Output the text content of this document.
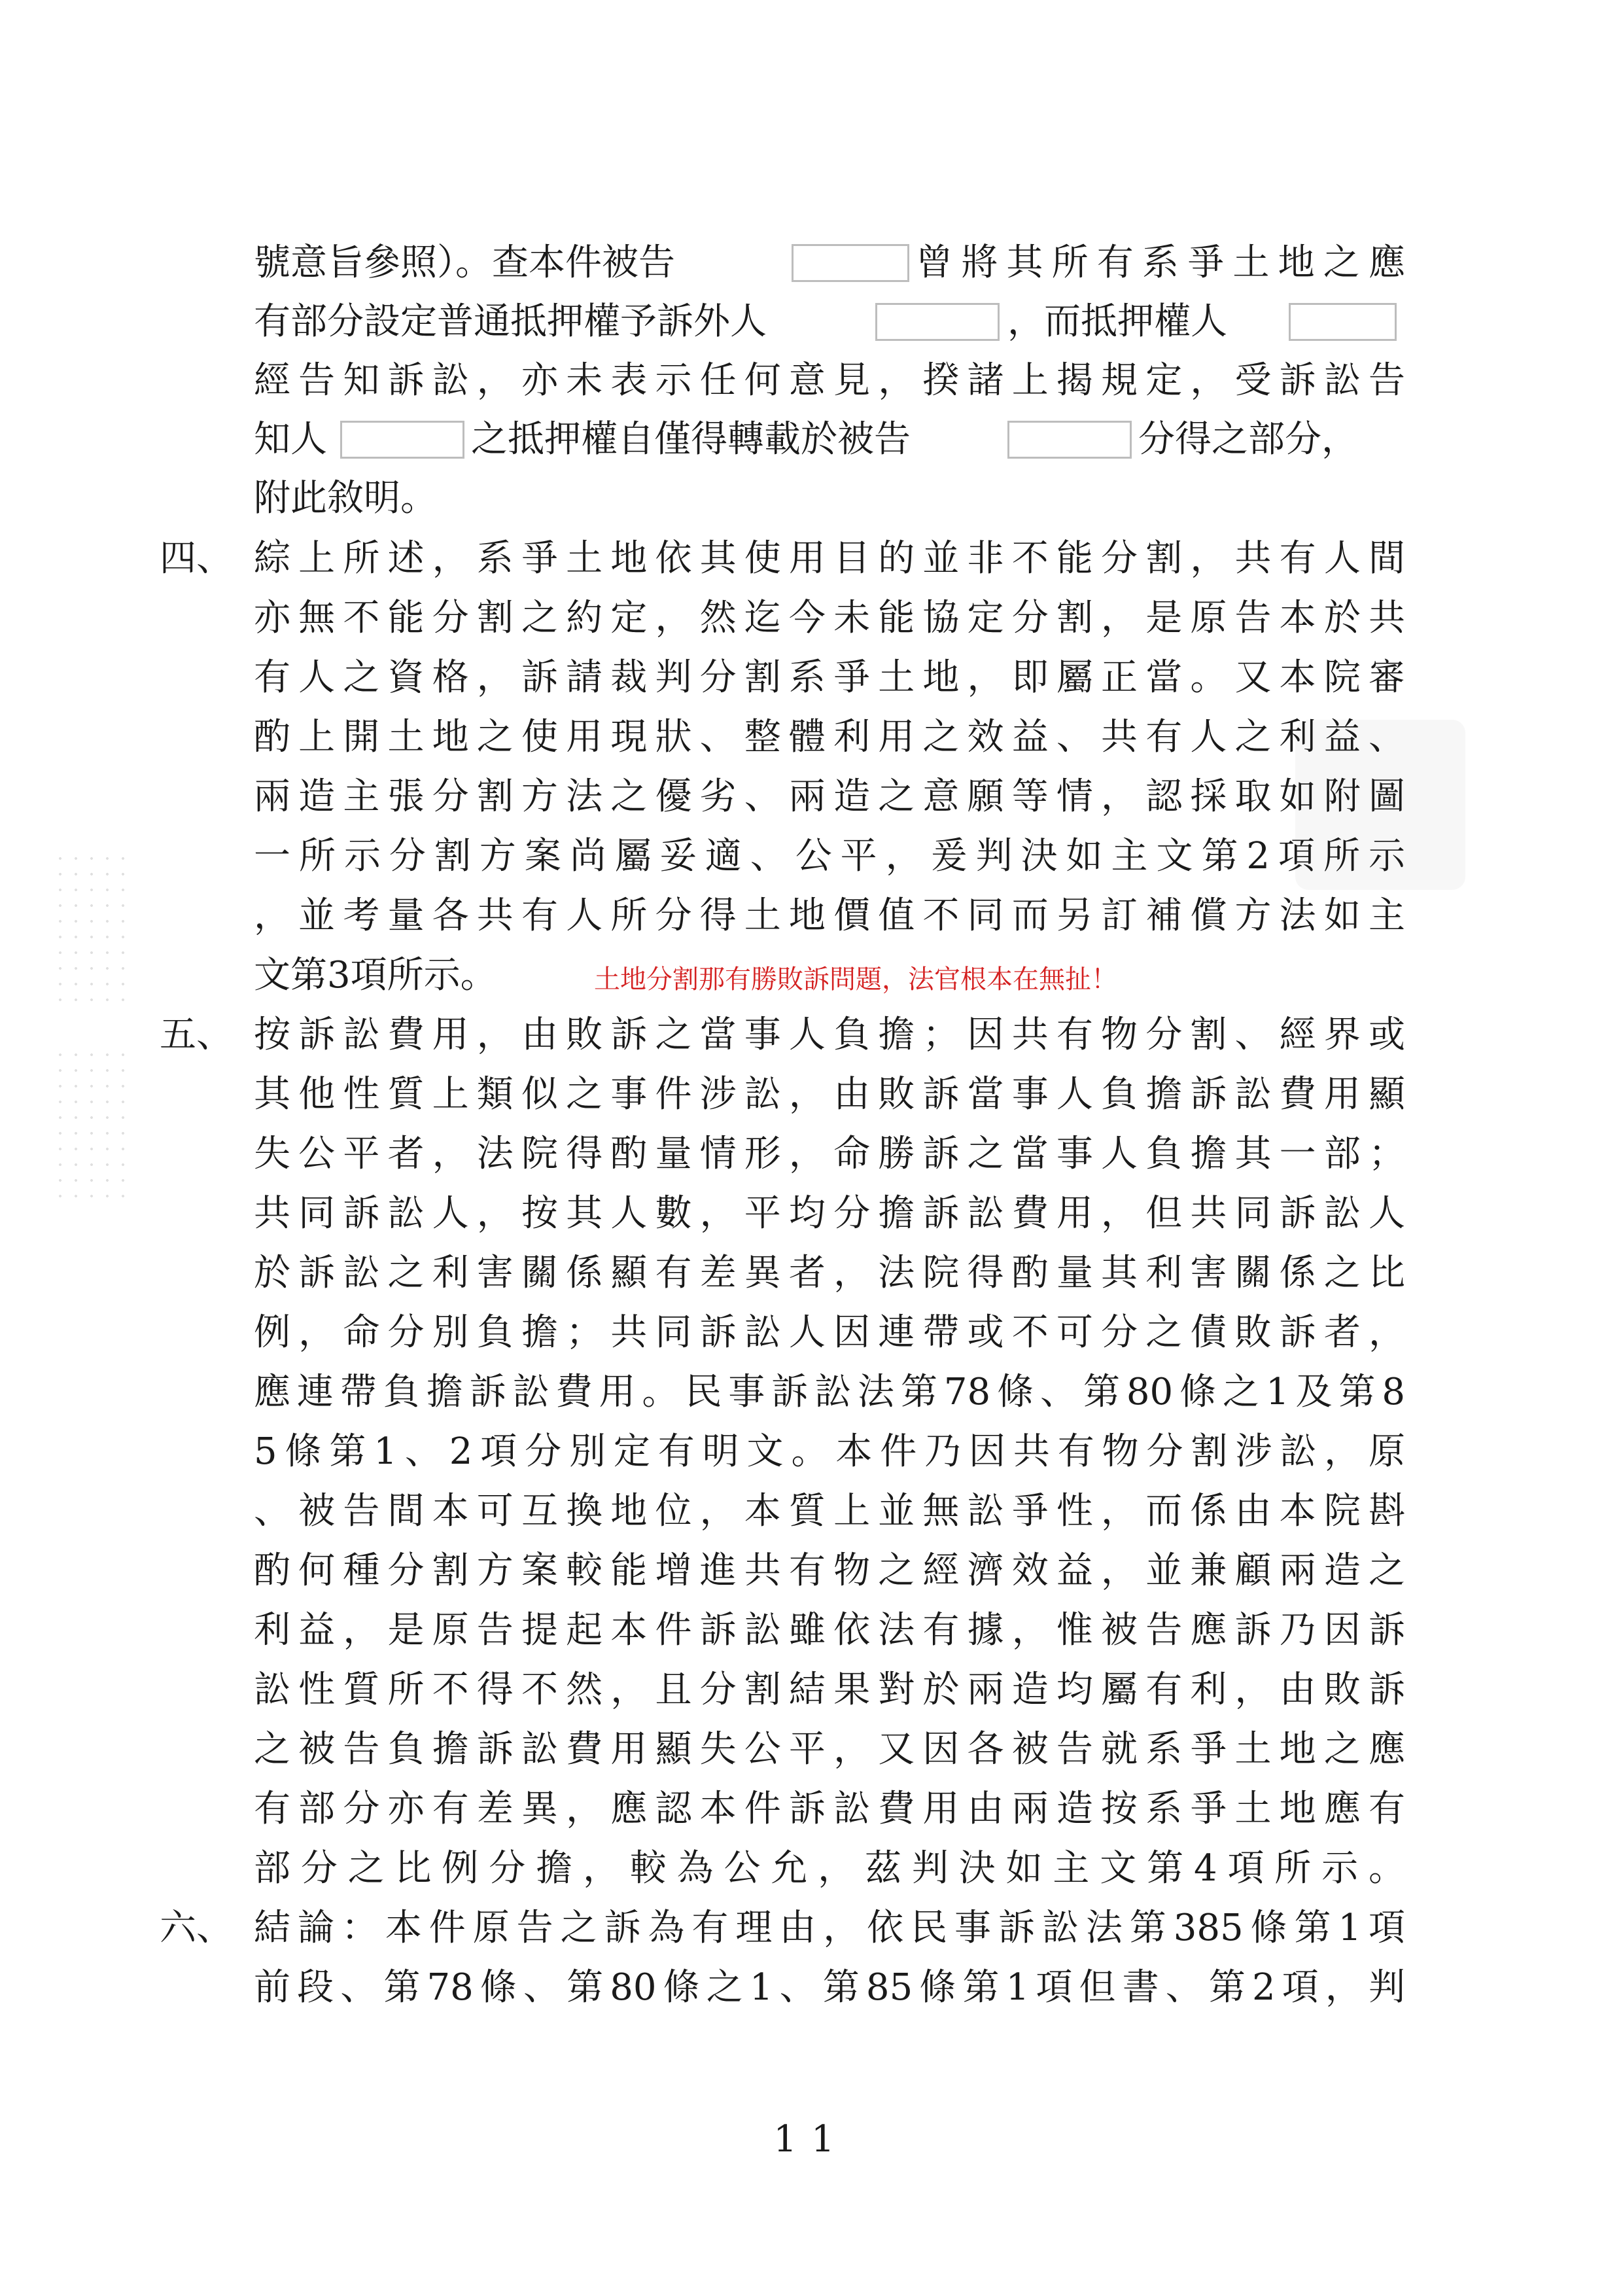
號意旨參照）。查本件被告	曾將其所有系爭土地之應
有部分設定普通抵押權予訴外人	，而抵押權人
經告知訴訟，亦未表示任何意見，揆諸上揭規定，受訴訟告
知人	之抵押權自僅得轉載於被告	分得之部分，
附此敘明。
四、 綜上所述，系爭土地依其使用目的並非不能分割，共有人間
亦無不能分割之約定，然迄今未能協定分割，是原告本於共
有人之資格，訴請裁判分割系爭土地，即屬正當。又本院審
酌上開土地之使用現狀、整體利用之效益、共有人之利益、
兩造主張分割方法之優劣、兩造之意願等情，認採取如附圖
一所示分割方案尚屬妥適、公平，爰判決如主文第2項所示
，並考量各共有人所分得土地價值不同而另訂補償方法如主
文第3項所示。	土地分割那有勝敗訴問題，法官根本在無扯！
五、 按訴訟費用，由敗訴之當事人負擔；因共有物分割、經界或
其他性質上類似之事件涉訟，由敗訴當事人負擔訴訟費用顯
失公平者，法院得酌量情形，命勝訴之當事人負擔其一部；
共同訴訟人，按其人數，平均分擔訴訟費用，但共同訴訟人
於訴訟之利害關係顯有差異者，法院得酌量其利害關係之比
例，命分別負擔；共同訴訟人因連帶或不可分之債敗訴者，
應連帶負擔訴訟費用。民事訴訟法第78條、第80條之1及第8
5條第1、2項分別定有明文。本件乃因共有物分割涉訟，原
、被告間本可互換地位，本質上並無訟爭性，而係由本院斟
酌何種分割方案較能增進共有物之經濟效益，並兼顧兩造之
利益，是原告提起本件訴訟雖依法有據，惟被告應訴乃因訴
訟性質所不得不然，且分割結果對於兩造均屬有利，由敗訴
之被告負擔訴訟費用顯失公平，又因各被告就系爭土地之應
有部分亦有差異，應認本件訴訟費用由兩造按系爭土地應有
部分之比例分擔，較為公允，茲判決如主文第4項所示。
六、 結論：本件原告之訴為有理由，依民事訴訟法第385條第1項
前段、第78條、第80條之1、第85條第1項但書、第2項，判
11
